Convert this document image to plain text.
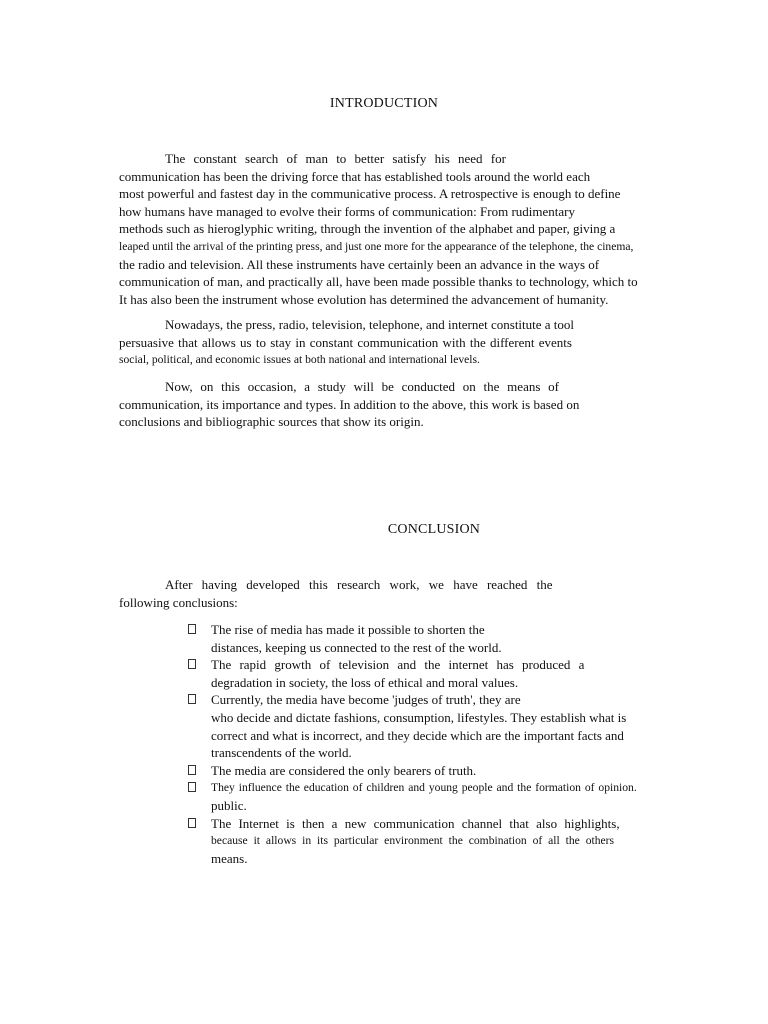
INTRODUCTION
The constant search of man to better satisfy his need for
communication has been the driving force that has established tools around the world each
most powerful and fastest day in the communicative process. A retrospective is enough to define
how humans have managed to evolve their forms of communication: From rudimentary
methods such as hieroglyphic writing, through the invention of the alphabet and paper, giving a
leaped until the arrival of the printing press, and just one more for the appearance of the telephone, the cinema,
the radio and television. All these instruments have certainly been an advance in the ways of
communication of man, and practically all, have been made possible thanks to technology, which to
It has also been the instrument whose evolution has determined the advancement of humanity.
Nowadays, the press, radio, television, telephone, and internet constitute a tool
persuasive that allows us to stay in constant communication with the different events
social, political, and economic issues at both national and international levels.
Now, on this occasion, a study will be conducted on the means of
communication, its importance and types. In addition to the above, this work is based on
conclusions and bibliographic sources that show its origin.
CONCLUSION
After having developed this research work, we have reached the
following conclusions:
The rise of media has made it possible to shorten the
distances, keeping us connected to the rest of the world.
The rapid growth of television and the internet has produced a
degradation in society, the loss of ethical and moral values.
Currently, the media have become 'judges of truth', they are
who decide and dictate fashions, consumption, lifestyles. They establish what is
correct and what is incorrect, and they decide which are the important facts and
transcendents of the world.
The media are considered the only bearers of truth.
They influence the education of children and young people and the formation of opinion.
public.
The Internet is then a new communication channel that also highlights,
because it allows in its particular environment the combination of all the others
means.
